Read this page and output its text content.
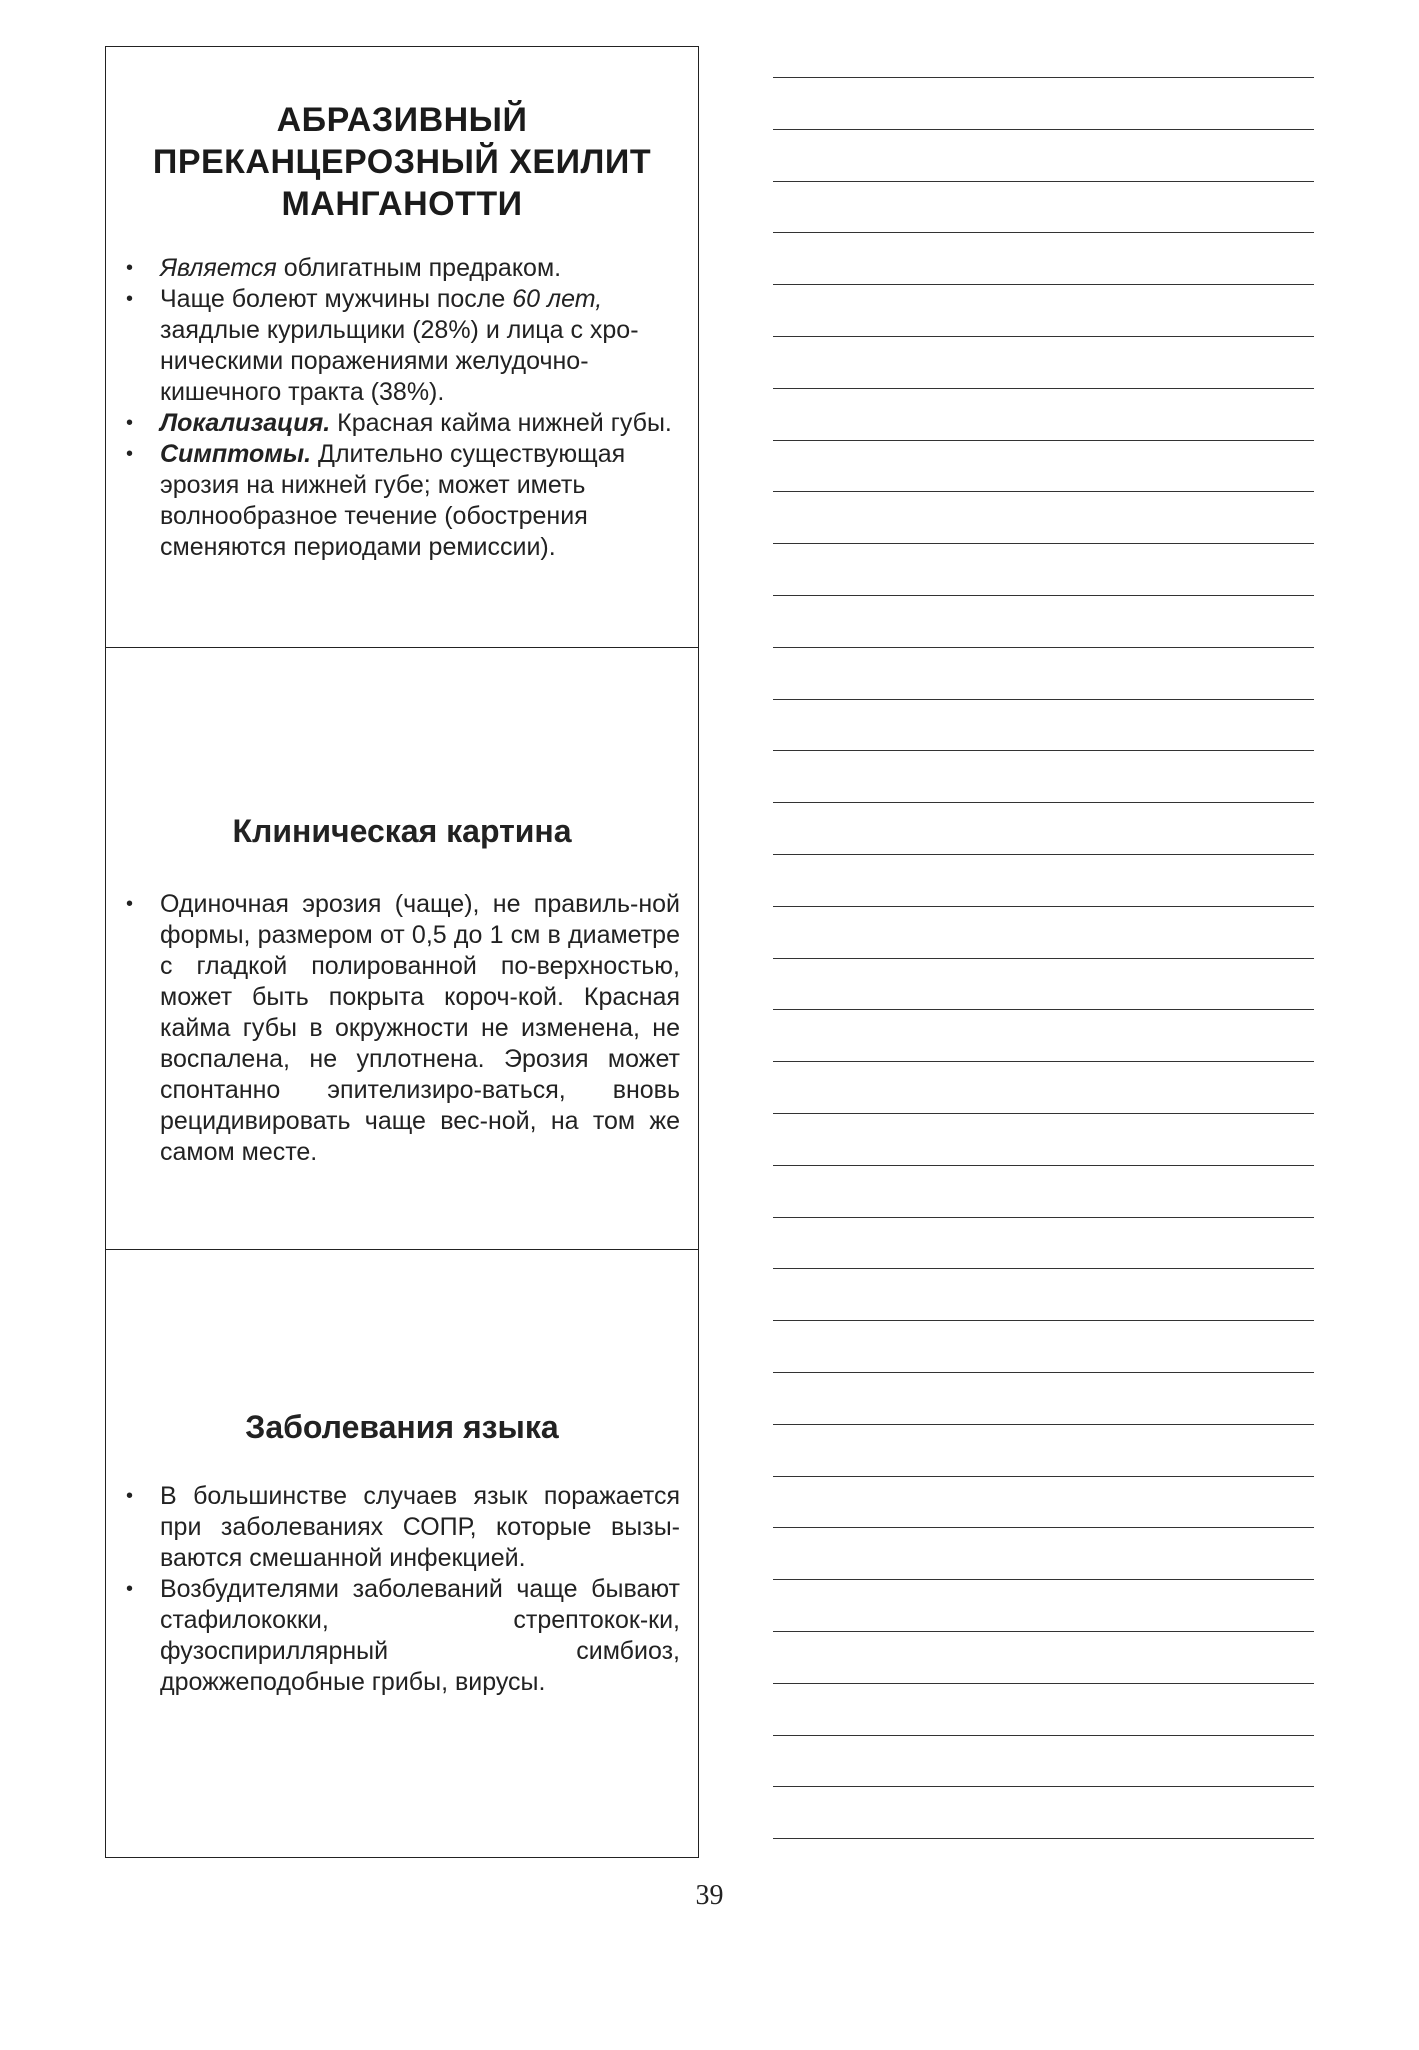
АБРАЗИВНЫЙ
ПРЕКАНЦЕРОЗНЫЙ ХЕИЛИТ
МАНГАНОТТИ
• Является облигатным предраком.
• Чаще болеют мужчины после 60 лет, заядлые курильщики (28%) и лица с хро-ническими поражениями желудочно-кишечного тракта (38%).
• Локализация. Красная кайма нижней губы.
• Симптомы. Длительно существующая эрозия на нижней губе; может иметь волнообразное течение (обострения сменяются периодами ремиссии).
Клиническая картина
• Одиночная эрозия (чаще), не правиль-ной формы, размером от 0,5 до 1 см в диаметре с гладкой полированной по-верхностью, может быть покрыта короч-кой. Красная кайма губы в окружности не изменена, не воспалена, не уплотнена. Эрозия может спонтанно эпителизиро-ваться, вновь рецидивировать чаще вес-ной, на том же самом месте.
Заболевания языка
• В большинстве случаев язык поражается при заболеваниях СОПР, которые вызы-ваются смешанной инфекцией.
• Возбудителями заболеваний чаще бывают стафилококки, стрептокок-ки, фузоспириллярный симбиоз, дрожжеподобные грибы, вирусы.
39
